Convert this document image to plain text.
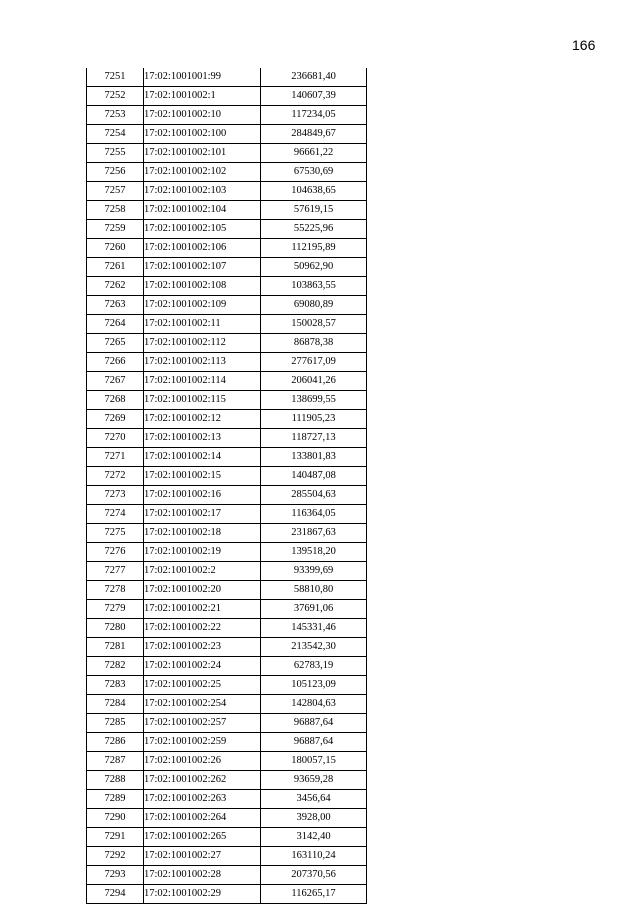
166
7251	17:02:1001001:99	236681,40
7252	17:02:1001002:1	140607,39
7253	17:02:1001002:10	117234,05
7254	17:02:1001002:100	284849,67
7255	17:02:1001002:101	96661,22
7256	17:02:1001002:102	67530,69
7257	17:02:1001002:103	104638,65
7258	17:02:1001002:104	57619,15
7259	17:02:1001002:105	55225,96
7260	17:02:1001002:106	112195,89
7261	17:02:1001002:107	50962,90
7262	17:02:1001002:108	103863,55
7263	17:02:1001002:109	69080,89
7264	17:02:1001002:11	150028,57
7265	17:02:1001002:112	86878,38
7266	17:02:1001002:113	277617,09
7267	17:02:1001002:114	206041,26
7268	17:02:1001002:115	138699,55
7269	17:02:1001002:12	111905,23
7270	17:02:1001002:13	118727,13
7271	17:02:1001002:14	133801,83
7272	17:02:1001002:15	140487,08
7273	17:02:1001002:16	285504,63
7274	17:02:1001002:17	116364,05
7275	17:02:1001002:18	231867,63
7276	17:02:1001002:19	139518,20
7277	17:02:1001002:2	93399,69
7278	17:02:1001002:20	58810,80
7279	17:02:1001002:21	37691,06
7280	17:02:1001002:22	145331,46
7281	17:02:1001002:23	213542,30
7282	17:02:1001002:24	62783,19
7283	17:02:1001002:25	105123,09
7284	17:02:1001002:254	142804,63
7285	17:02:1001002:257	96887,64
7286	17:02:1001002:259	96887,64
7287	17:02:1001002:26	180057,15
7288	17:02:1001002:262	93659,28
7289	17:02:1001002:263	3456,64
7290	17:02:1001002:264	3928,00
7291	17:02:1001002:265	3142,40
7292	17:02:1001002:27	163110,24
7293	17:02:1001002:28	207370,56
7294	17:02:1001002:29	116265,17
